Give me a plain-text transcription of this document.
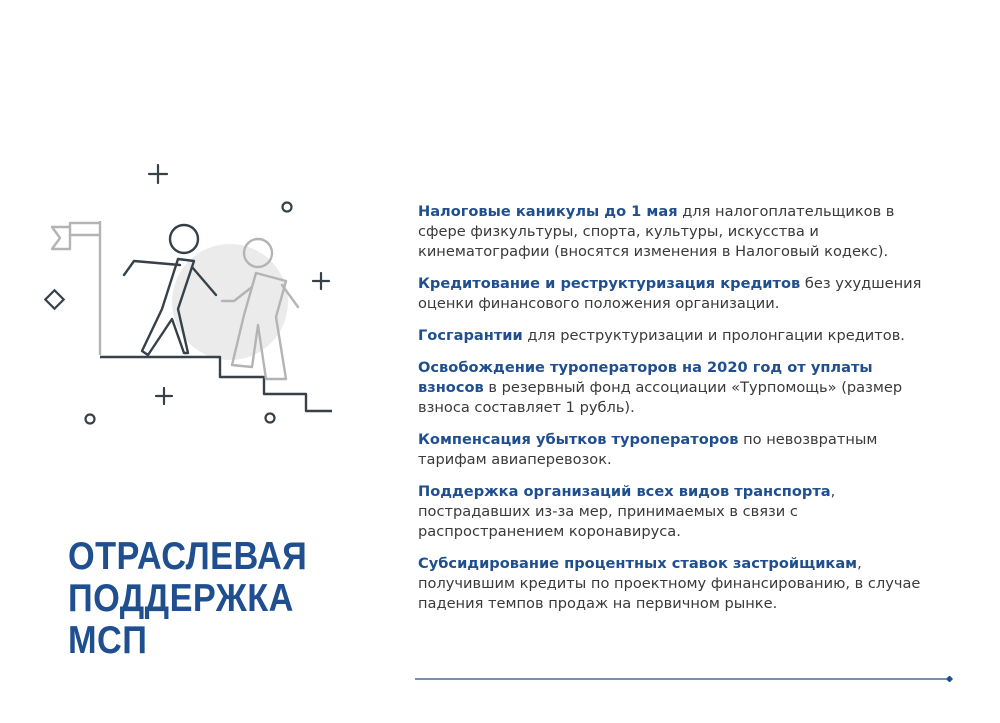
ОТРАСЛЕВАЯ
ПОДДЕРЖКА
МСП

Налоговые каникулы до 1 мая для налогоплательщиков в сфере физкультуры, спорта, культуры, искусства и кинематографии (вносятся изменения в Налоговый кодекс).

Кредитование и реструктуризация кредитов без ухудшения оценки финансового положения организации.

Госгарантии для реструктуризации и пролонгации кредитов.

Освобождение туроператоров на 2020 год от уплаты взносов в резервный фонд ассоциации «Турпомощь» (размер взноса составляет 1 рубль).

Компенсация убытков туроператоров по невозвратным тарифам авиаперевозок.

Поддержка организаций всех видов транспорта, пострадавших из-за мер, принимаемых в связи с распространением коронавируса.

Субсидирование процентных ставок застройщикам, получившим кредиты по проектному финансированию, в случае падения темпов продаж на первичном рынке.
